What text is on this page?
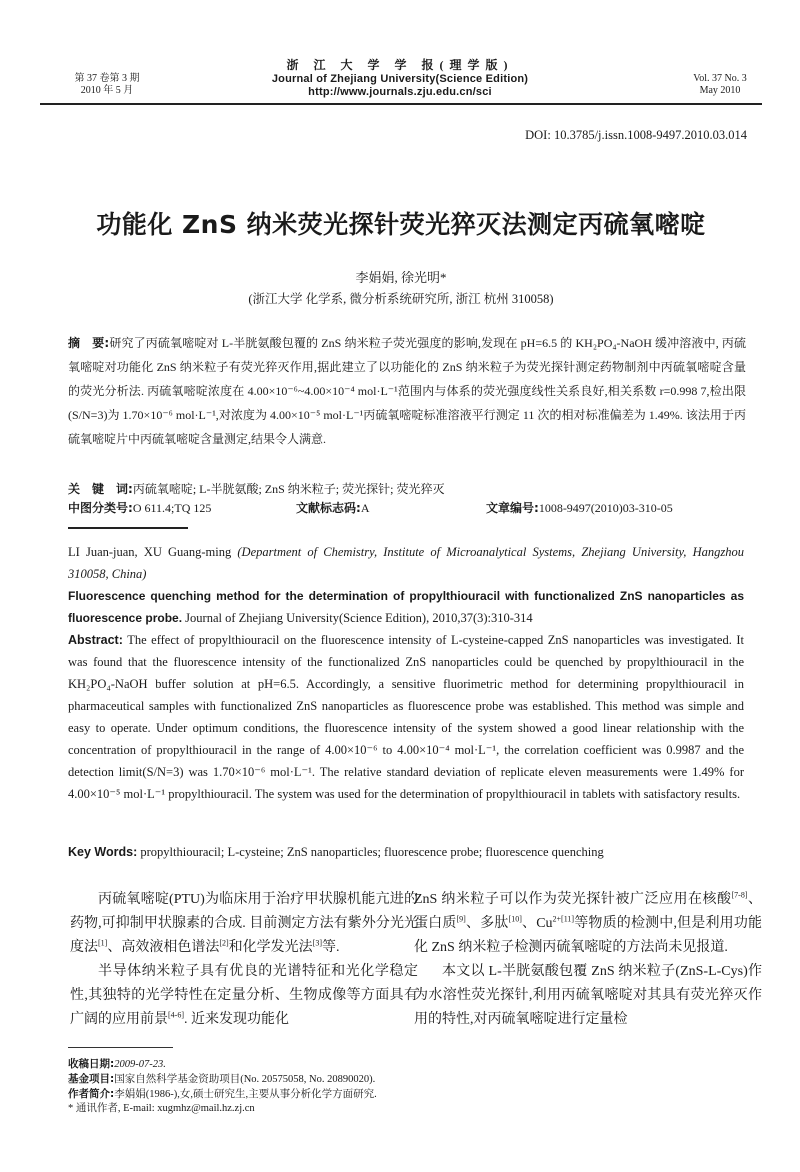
第 37 卷第 3 期
2010 年 5 月
浙 江 大 学 学 报(理学版)
Journal of Zhejiang University(Science Edition)
http://www.journals.zju.edu.cn/sci
Vol. 37 No. 3
May 2010
DOI: 10.3785/j.issn.1008-9497.2010.03.014
功能化 ZnS 纳米荧光探针荧光猝灭法测定丙硫氧嘧啶
李娟娟, 徐光明*
(浙江大学 化学系, 微分析系统研究所, 浙江 杭州 310058)
摘　要:研究了丙硫氧嘧啶对 L-半胱氨酸包覆的 ZnS 纳米粒子荧光强度的影响,发现在 pH=6.5 的 KH₂PO₄-NaOH 缓冲溶液中, 丙硫氧嘧啶对功能化 ZnS 纳米粒子有荧光猝灭作用,据此建立了以功能化的 ZnS 纳米粒子为荧光探针测定药物制剂中丙硫氧嘧啶含量的荧光分析法. 丙硫氧嘧啶浓度在 4.00×10⁻⁶~4.00×10⁻⁴ mol·L⁻¹范围内与体系的荧光强度线性关系良好,相关系数 r=0.998 7,检出限(S/N=3)为 1.70×10⁻⁶ mol·L⁻¹,对浓度为 4.00×10⁻⁵ mol·L⁻¹丙硫氧嘧啶标准溶液平行测定 11 次的相对标准偏差为 1.49%. 该法用于丙硫氧嘧啶片中丙硫氧嘧啶含量测定,结果令人满意.
关　键　词:丙硫氧嘧啶; L-半胱氨酸; ZnS 纳米粒子; 荧光探针; 荧光猝灭
中图分类号:O 611.4;TQ 125	文献标志码:A	文章编号:1008-9497(2010)03-310-05
LI Juan-juan, XU Guang-ming (Department of Chemistry, Institute of Microanalytical Systems, Zhejiang University, Hangzhou 310058, China)
Fluorescence quenching method for the determination of propylthiouracil with functionalized ZnS nanoparticles as fluorescence probe. Journal of Zhejiang University(Science Edition), 2010,37(3):310-314
Abstract: The effect of propylthiouracil on the fluorescence intensity of L-cysteine-capped ZnS nanoparticles was investigated. It was found that the fluorescence intensity of the functionalized ZnS nanoparticles could be quenched by propylthiouracil in the KH₂PO₄-NaOH buffer solution at pH=6.5. Accordingly, a sensitive fluorimetric method for determining propylthiouracil in pharmaceutical samples with functionalized ZnS nanoparticles as fluorescence probe was established. This method was simple and easy to operate. Under optimum conditions, the fluorescence intensity of the system showed a good linear relationship with the concentration of propylthiouracil in the range of 4.00×10⁻⁶ to 4.00×10⁻⁴ mol·L⁻¹, the correlation coefficient was 0.9987 and the detection limit(S/N=3) was 1.70×10⁻⁶ mol·L⁻¹. The relative standard deviation of replicate eleven measurements were 1.49% for 4.00×10⁻⁵ mol·L⁻¹ propylthiouracil. The system was used for the determination of propylthiouracil in tablets with satisfactory results.
Key Words: propylthiouracil; L-cysteine; ZnS nanoparticles; fluorescence probe; fluorescence quenching

丙硫氧嘧啶(PTU)为临床用于治疗甲状腺机能亢进的药物,可抑制甲状腺素的合成. 目前测定方法有紫外分光光度法[1]、高效液相色谱法[2]和化学发光法[3]等.

半导体纳米粒子具有优良的光谱特征和光化学稳定性,其独特的光学特性在定量分析、生物成像等方面具有广阔的应用前景[4-6]. 近来发现功能化

ZnS 纳米粒子可以作为荧光探针被广泛应用在核酸[7-8]、蛋白质[9]、多肽[10]、$Cu^{2+[11]}$等物质的检测中,但是利用功能化 ZnS 纳米粒子检测丙硫氧嘧啶的方法尚未见报道.

本文以 L-半胱氨酸包覆 ZnS 纳米粒子(ZnS-L-Cys)作为水溶性荧光探针,利用丙硫氧嘧啶对其具有荧光猝灭作用的特性,对丙硫氧嘧啶进行定量检

收稿日期:2009-07-23.
基金项目:国家自然科学基金资助项目(No. 20575058, No. 20890020).
作者简介:李娟娟(1986-),女,硕士研究生,主要从事分析化学方面研究.
* 通讯作者, E-mail: xugmhz@mail.hz.zj.cn
